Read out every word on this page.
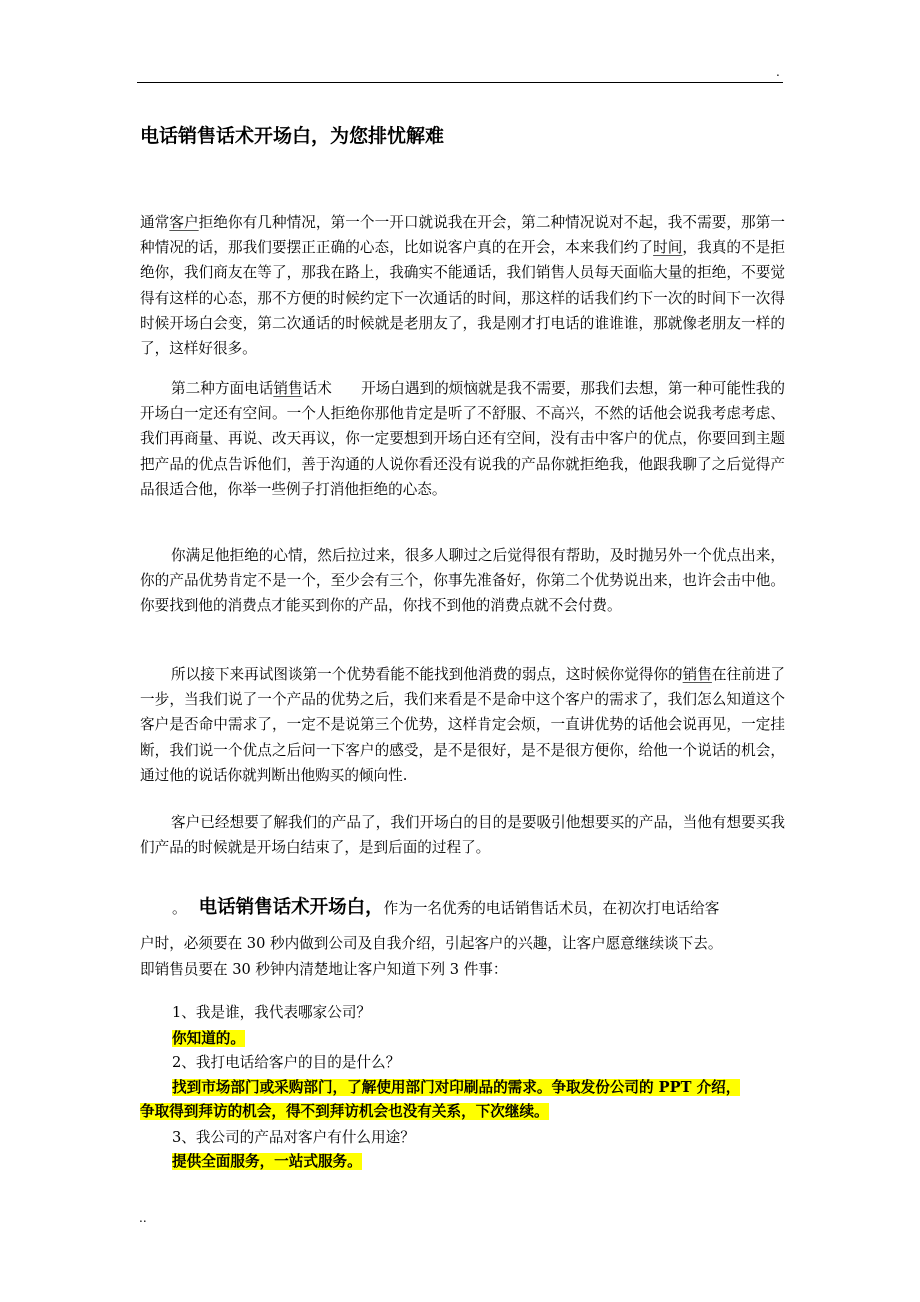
.
电话销售话术开场白，为您排忧解难

通常客户拒绝你有几种情况，第一个一开口就说我在开会，第二种情况说对不起，我不需要，那第一种情况的话，那我们要摆正正确的心态，比如说客户真的在开会，本来我们约了时间，我真的不是拒绝你，我们商友在等了，那我在路上，我确实不能通话，我们销售人员每天面临大量的拒绝，不要觉得有这样的心态，那不方便的时候约定下一次通话的时间，那这样的话我们约下一次的时间下一次得时候开场白会变，第二次通话的时候就是老朋友了，我是刚才打电话的谁谁谁，那就像老朋友一样的了，这样好很多。

第二种方面电话销售话术　　开场白遇到的烦恼就是我不需要，那我们去想，第一种可能性我的开场白一定还有空间。一个人拒绝你那他肯定是听了不舒服、不高兴，不然的话他会说我考虑考虑、我们再商量、再说、改天再议，你一定要想到开场白还有空间，没有击中客户的优点，你要回到主题把产品的优点告诉他们，善于沟通的人说你看还没有说我的产品你就拒绝我，他跟我聊了之后觉得产品很适合他，你举一些例子打消他拒绝的心态。

你满足他拒绝的心情，然后拉过来，很多人聊过之后觉得很有帮助，及时抛另外一个优点出来，你的产品优势肯定不是一个，至少会有三个，你事先准备好，你第二个优势说出来，也许会击中他。你要找到他的消费点才能买到你的产品，你找不到他的消费点就不会付费。

所以接下来再试图谈第一个优势看能不能找到他消费的弱点，这时候你觉得你的销售在往前进了一步，当我们说了一个产品的优势之后，我们来看是不是命中这个客户的需求了，我们怎么知道这个客户是否命中需求了，一定不是说第三个优势，这样肯定会烦，一直讲优势的话他会说再见，一定挂断，我们说一个优点之后问一下客户的感受，是不是很好，是不是很方便你，给他一个说话的机会，通过他的说话你就判断出他购买的倾向性.

客户已经想要了解我们的产品了，我们开场白的目的是要吸引他想要买的产品，当他有想要买我们产品的时候就是开场白结束了，是到后面的过程了。

。 电话销售话术开场白，作为一名优秀的电话销售话术员，在初次打电话给客
户时，必须要在 30 秒内做到公司及自我介绍，引起客户的兴趣，让客户愿意继续谈下去。
即销售员要在 30 秒钟内清楚地让客户知道下列 3 件事：
1、我是谁，我代表哪家公司？
你知道的。
2、我打电话给客户的目的是什么？
找到市场部门或采购部门，了解使用部门对印刷品的需求。争取发份公司的 PPT 介绍，
争取得到拜访的机会，得不到拜访机会也没有关系，下次继续。
3、我公司的产品对客户有什么用途？
提供全面服务，一站式服务。
..
